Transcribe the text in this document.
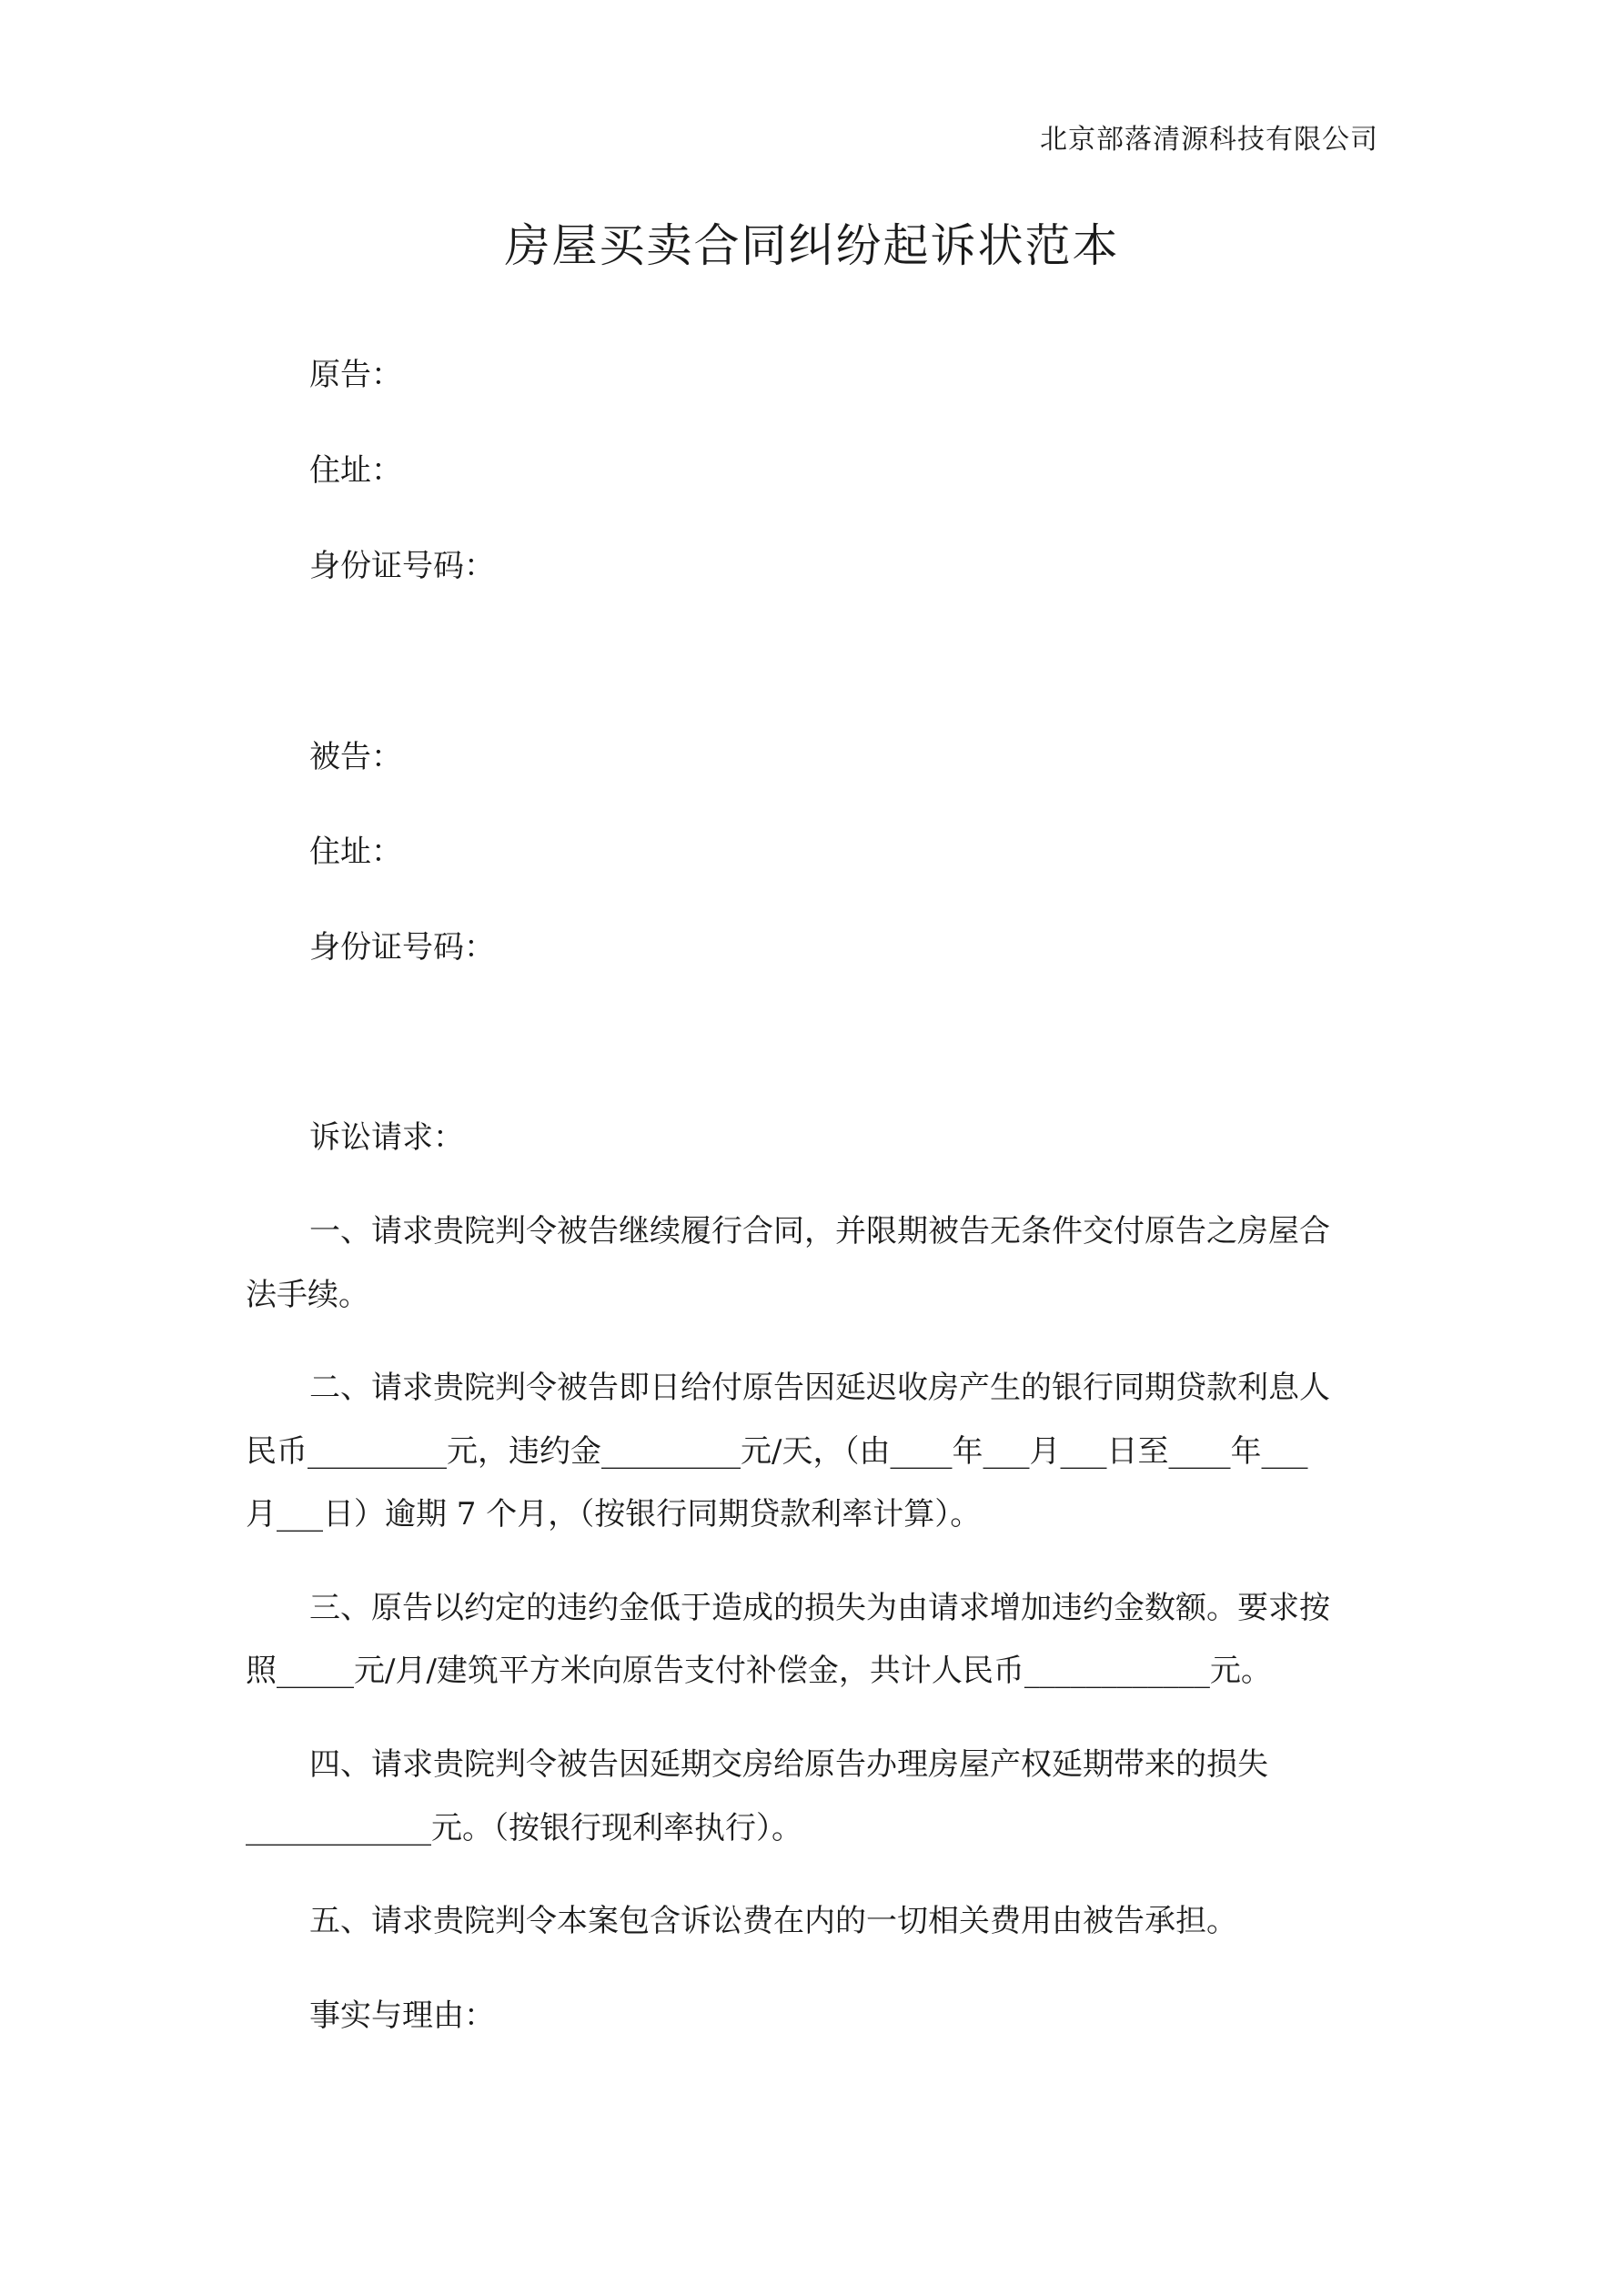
北京部落清源科技有限公司
房屋买卖合同纠纷起诉状范本
原告：
住址：
身份证号码：
被告：
住址：
身份证号码：
诉讼请求：
一、请求贵院判令被告继续履行合同，并限期被告无条件交付原告之房屋合
法手续。
二、请求贵院判令被告即日给付原告因延迟收房产生的银行同期贷款利息人
民币_________元，违约金_________元/天，（由____年___月___日至____年___
月___日）逾期 7 个月，（按银行同期贷款利率计算）。
三、原告以约定的违约金低于造成的损失为由请求增加违约金数额。要求按
照_____元/月/建筑平方米向原告支付补偿金，共计人民币____________元。
四、请求贵院判令被告因延期交房给原告办理房屋产权延期带来的损失
____________元。（按银行现利率执行）。
五、请求贵院判令本案包含诉讼费在内的一切相关费用由被告承担。
事实与理由：
